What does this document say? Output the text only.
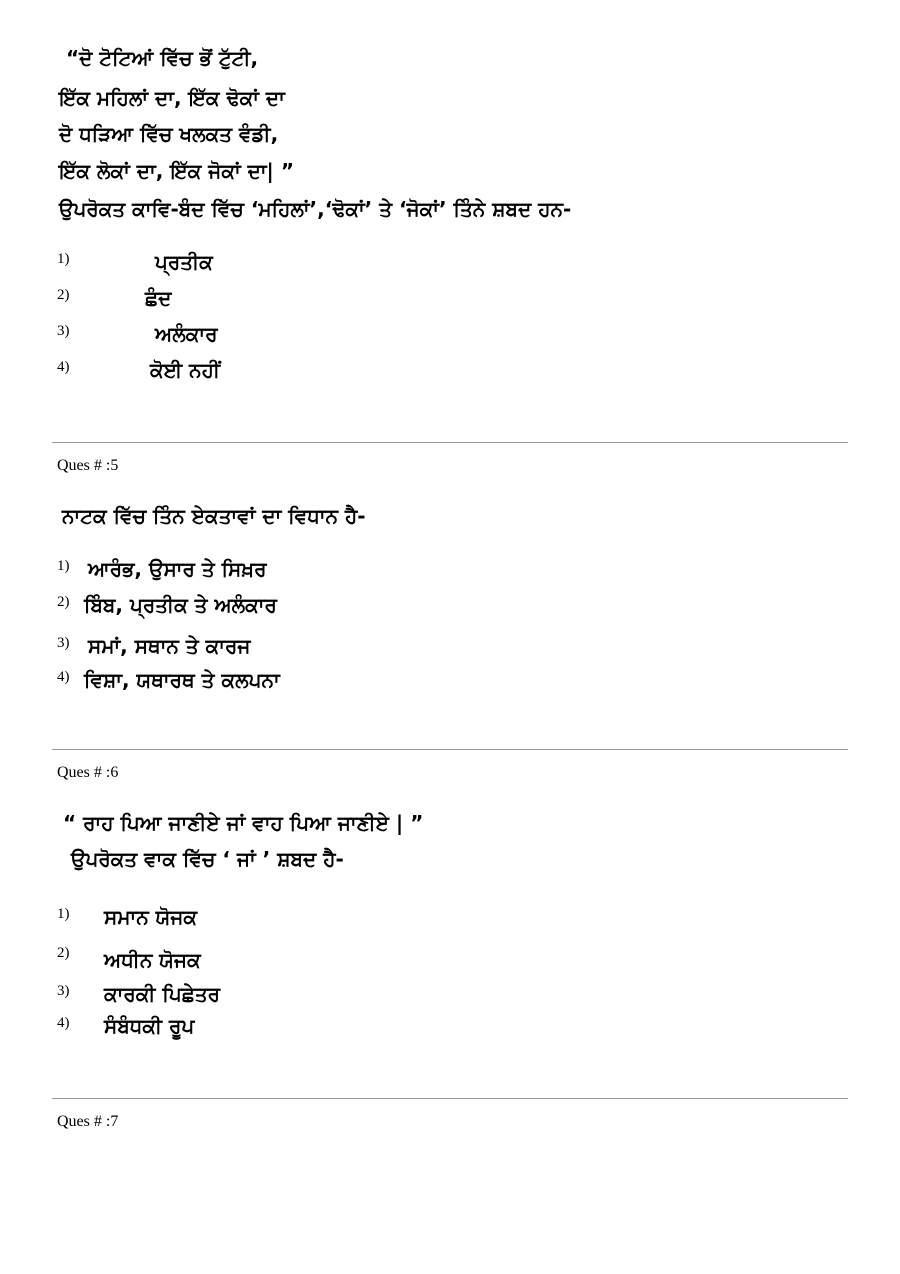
“ਦੋ ਟੋਟਿਆਂ ਵਿੱਚ ਭੋਂ ਟੁੱਟੀ,
ਇੱਕ ਮਹਿਲਾਂ ਦਾ, ਇੱਕ ਢੋਕਾਂ ਦਾ
ਦੋ ਧੜਿਆ ਵਿੱਚ ਖਲਕਤ ਵੰਡੀ,
ਇੱਕ ਲੋਕਾਂ ਦਾ, ਇੱਕ ਜੋਕਾਂ ਦਾ| ”
ਉਪਰੋਕਤ ਕਾਵਿ-ਬੰਦ ਵਿੱਚ ‘ਮਹਿਲਾਂ’,‘ਢੋਕਾਂ’ ਤੇ ‘ਜੋਕਾਂ’ ਤਿੰਨੇ ਸ਼ਬਦ ਹਨ-
1)	ਪ੍ਰਤੀਕ
2)	ਛੰਦ
3)	ਅਲੰਕਾਰ
4)	ਕੋਈ ਨਹੀਂ
Ques # :5
ਨਾਟਕ ਵਿੱਚ ਤਿੰਨ ਏਕਤਾਵਾਂ ਦਾ ਵਿਧਾਨ ਹੈ-
1) ਆਰੰਭ, ਉਸਾਰ ਤੇ ਸਿਖ਼ਰ
2) ਬਿੰਬ, ਪ੍ਰਤੀਕ ਤੇ ਅਲੰਕਾਰ
3) ਸਮਾਂ, ਸਥਾਨ ਤੇ ਕਾਰਜ
4) ਵਿਸ਼ਾ, ਯਥਾਰਥ ਤੇ ਕਲਪਨਾ
Ques # :6
“ ਰਾਹ ਪਿਆ ਜਾਣੀਏ ਜਾਂ ਵਾਹ ਪਿਆ ਜਾਣੀਏ | ”
ਉਪਰੋਕਤ ਵਾਕ ਵਿੱਚ ‘ ਜਾਂ ’ ਸ਼ਬਦ ਹੈ-
1) ਸਮਾਨ ਯੋਜਕ
2) ਅਧੀਨ ਯੋਜਕ
3) ਕਾਰਕੀ ਪਿਛੇਤਰ
4) ਸੰਬੰਧਕੀ ਰੂਪ
Ques # :7
